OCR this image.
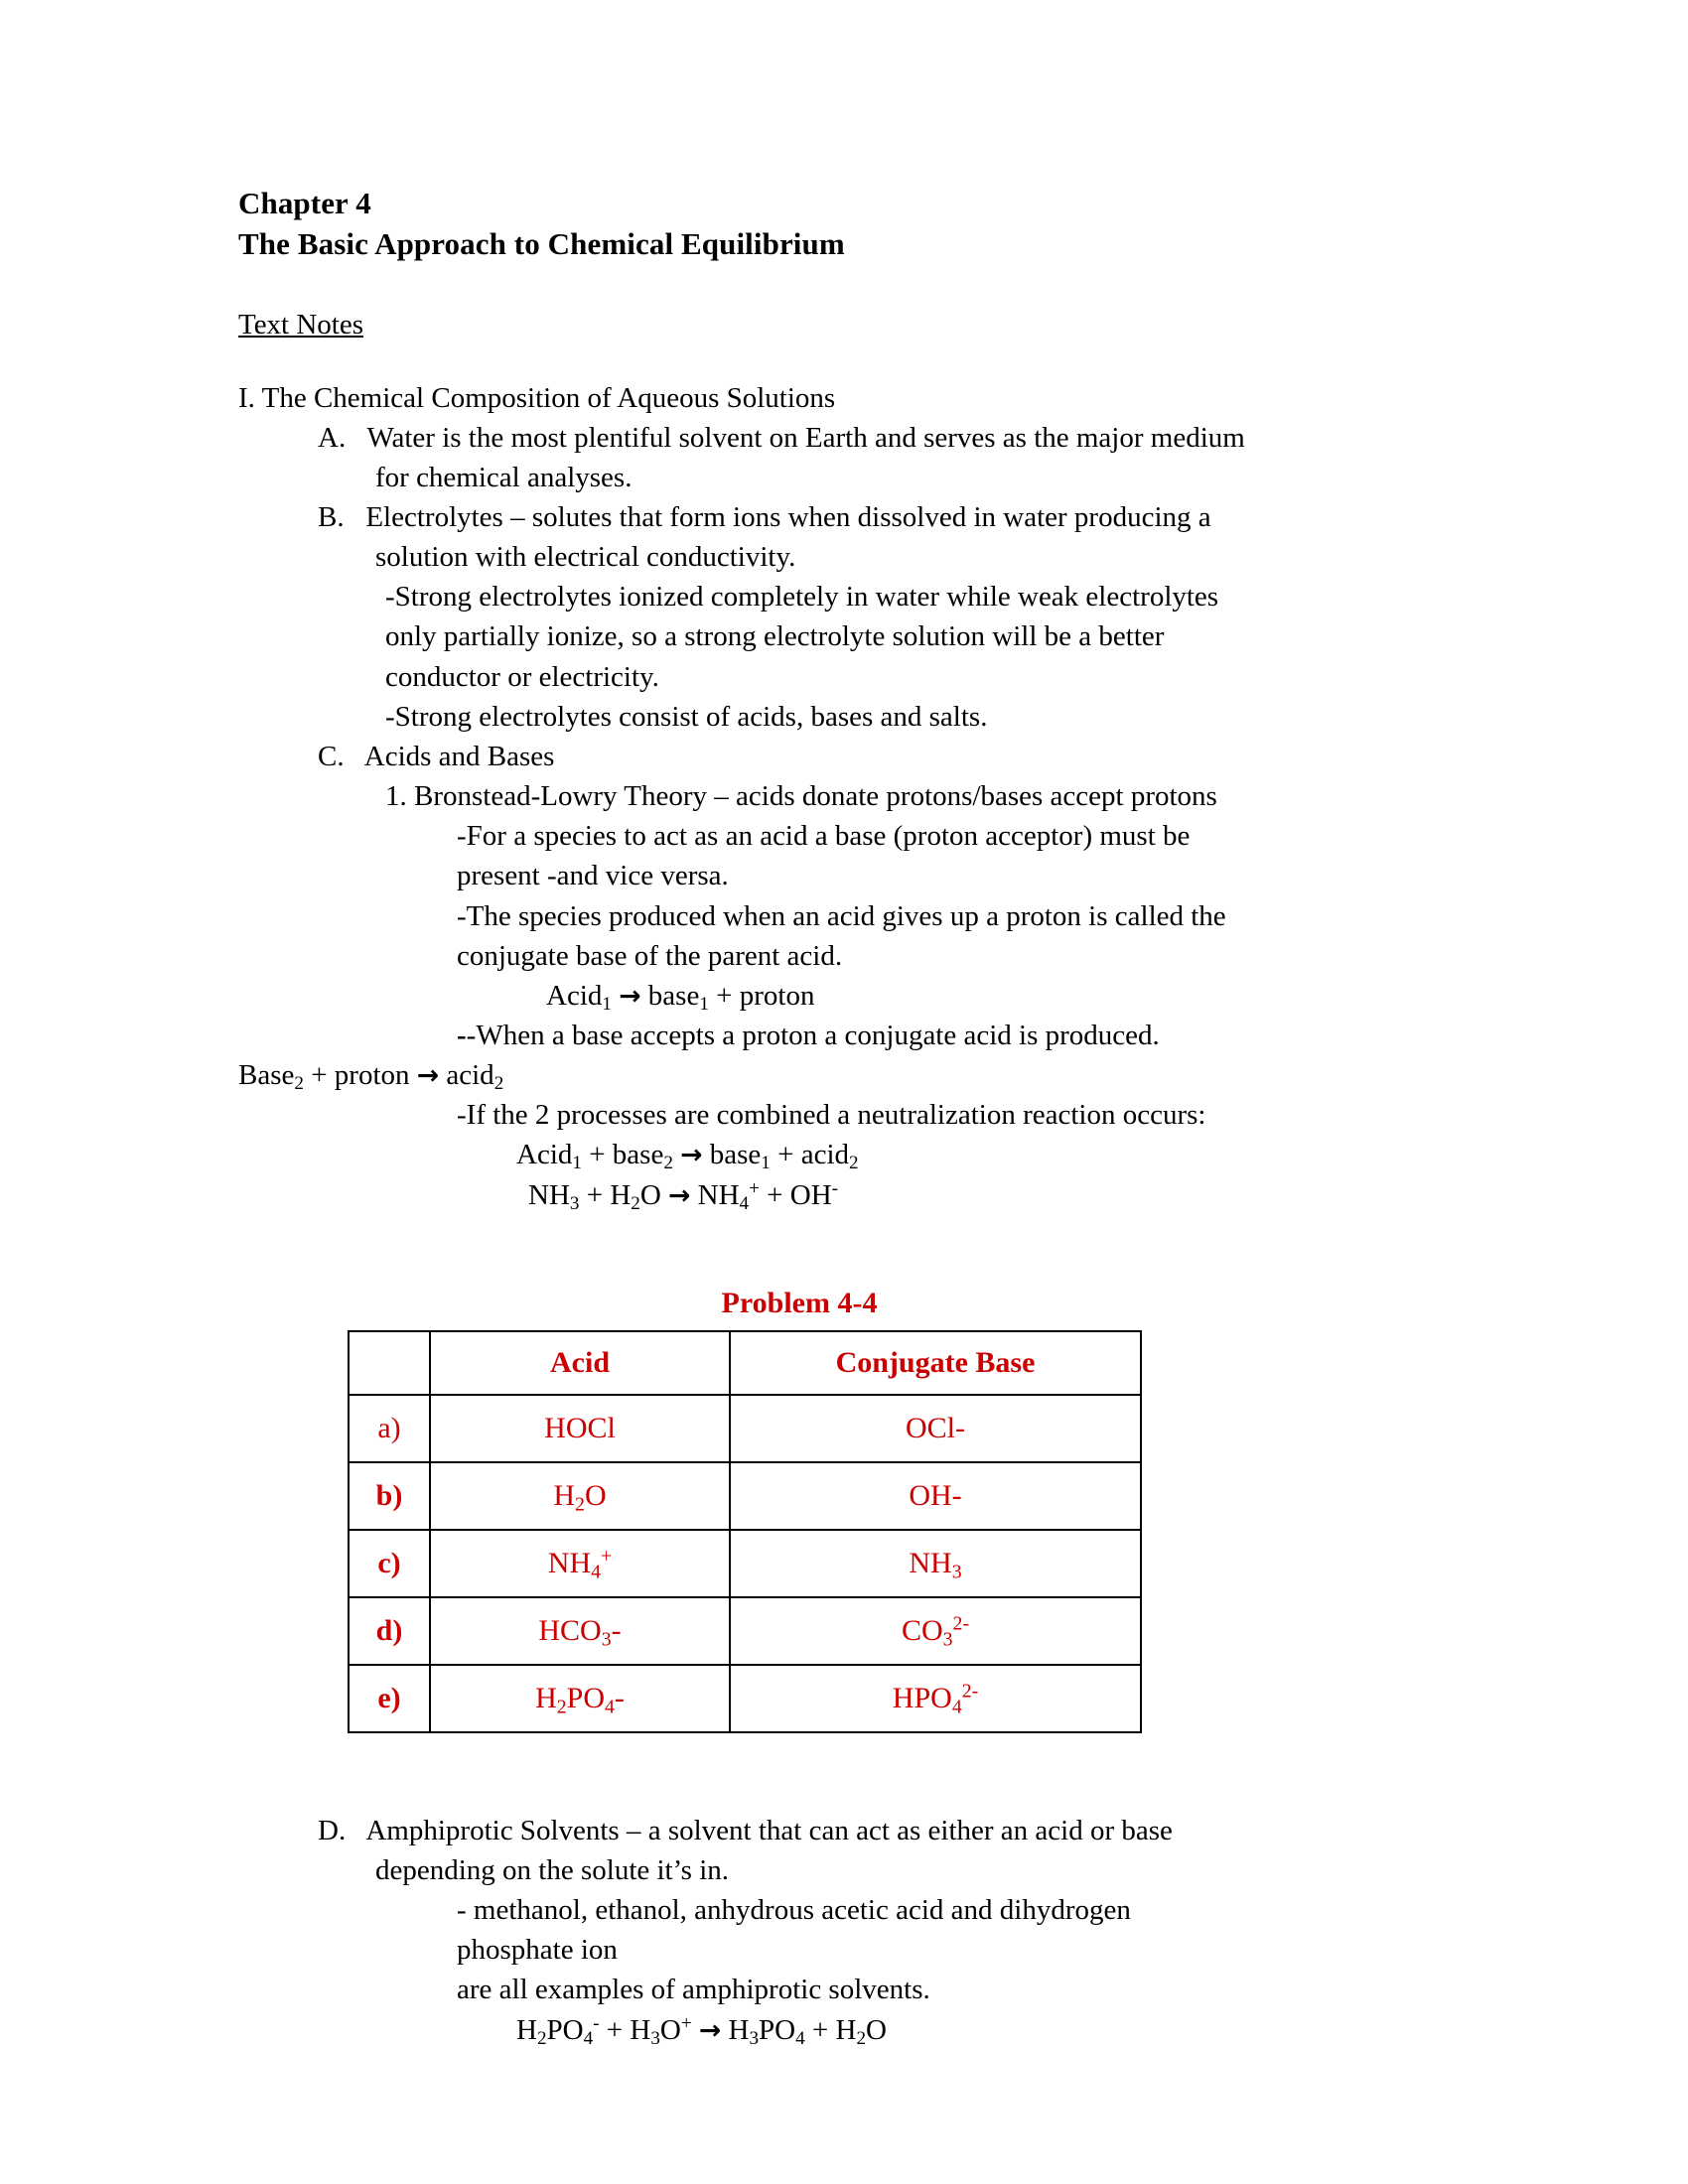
Chapter 4
The Basic Approach to Chemical Equilibrium
Text Notes
I. The Chemical Composition of Aqueous Solutions
A. Water is the most plentiful solvent on Earth and serves as the major medium
for chemical analyses.
B. Electrolytes – solutes that form ions when dissolved in water producing a
solution with electrical conductivity.
-Strong electrolytes ionized completely in water while weak electrolytes
only partially ionize, so a strong electrolyte solution will be a better
conductor or electricity.
-Strong electrolytes consist of acids, bases and salts.
C. Acids and Bases
1. Bronstead-Lowry Theory – acids donate protons/bases accept protons
-For a species to act as an acid a base (proton acceptor) must be
present -and vice versa.
-The species produced when an acid gives up a proton is called the
conjugate base of the parent acid.
Acid$_1$ → base$_1$ + proton
--When a base accepts a proton a conjugate acid is produced.
Base$_2$ + proton → acid$_2$
-If the 2 processes are combined a neutralization reaction occurs:
Acid$_1$ + base$_2$ → base$_1$ + acid$_2$
$NH_3 + H_2O \to NH_4^+ + OH^-$
Problem 4-4
	Acid	Conjugate Base
a)	HOCl	OCl-
b)	$H_2O$	OH-
c)	$NH_4^+$	$NH_3$
d)	$HCO_3-$	$CO_3^{2-}$
e)	$H_2PO_4-$	$HPO_4^{2-}$
D. Amphiprotic Solvents – a solvent that can act as either an acid or base
depending on the solute it’s in.
- methanol, ethanol, anhydrous acetic acid and dihydrogen
phosphate ion
are all examples of amphiprotic solvents.
$H_2PO_4^- + H_3O^+ \to H_3PO_4 + H_2O$
